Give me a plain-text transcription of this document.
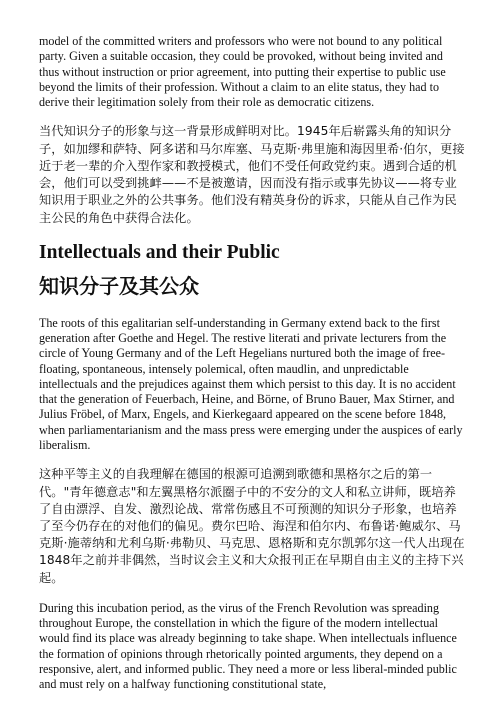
model of the committed writers and professors who were not bound to any political party. Given a suitable occasion, they could be provoked, without being invited and thus without instruction or prior agreement, into putting their expertise to public use beyond the limits of their profession. Without a claim to an elite status, they had to derive their legitimation solely from their role as democratic citizens.

当代知识分子的形象与这一背景形成鲜明对比。1945年后崭露头角的知识分子，如加缪和萨特、阿多诺和马尔库塞、马克斯·弗里施和海因里希·伯尔，更接近于老一辈的介入型作家和教授模式，他们不受任何政党约束。遇到合适的机会，他们可以受到挑衅——不是被邀请，因而没有指示或事先协议——将专业知识用于职业之外的公共事务。他们没有精英身份的诉求，只能从自己作为民主公民的角色中获得合法化。

Intellectuals and their Public
知识分子及其公众

The roots of this egalitarian self-understanding in Germany extend back to the first generation after Goethe and Hegel. The restive literati and private lecturers from the circle of Young Germany and of the Left Hegelians nurtured both the image of free-floating, spontaneous, intensely polemical, often maudlin, and unpredictable intellectuals and the prejudices against them which persist to this day. It is no accident that the generation of Feuerbach, Heine, and Börne, of Bruno Bauer, Max Stirner, and Julius Fröbel, of Marx, Engels, and Kierkegaard appeared on the scene before 1848, when parliamentarianism and the mass press were emerging under the auspices of early liberalism.

这种平等主义的自我理解在德国的根源可追溯到歌德和黑格尔之后的第一代。"青年德意志"和左翼黑格尔派圈子中的不安分的文人和私立讲师，既培养了自由漂浮、自发、激烈论战、常常伤感且不可预测的知识分子形象，也培养了至今仍存在的对他们的偏见。费尔巴哈、海涅和伯尔内、布鲁诺·鲍威尔、马克斯·施蒂纳和尤利乌斯·弗勒贝、马克思、恩格斯和克尔凯郭尔这一代人出现在1848年之前并非偶然，当时议会主义和大众报刊正在早期自由主义的主持下兴起。

During this incubation period, as the virus of the French Revolution was spreading throughout Europe, the constellation in which the figure of the modern intellectual would find its place was already beginning to take shape. When intellectuals influence the formation of opinions through rhetorically pointed arguments, they depend on a responsive, alert, and informed public. They need a more or less liberal-minded public and must rely on a halfway functioning constitutional state,
